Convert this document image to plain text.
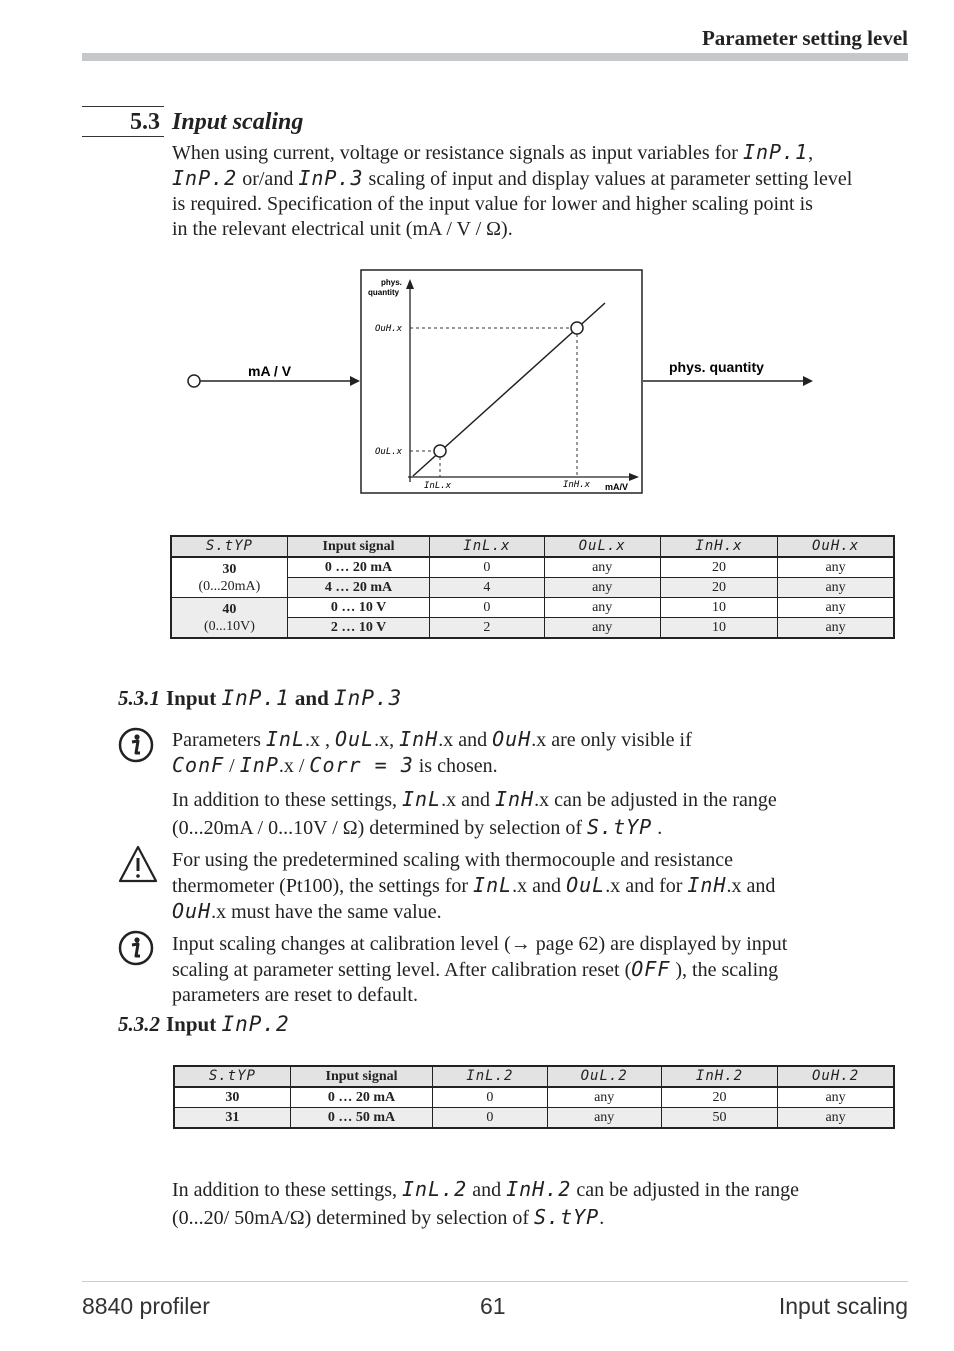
Parameter setting level
5.3 Input scaling
When using current, voltage or resistance signals as input variables for InP.1,
InP.2 or/and InP.3 scaling of input and display values at parameter setting level
is required. Specification of the input value for lower and higher scaling point is
in the relevant electrical unit (mA / V / Ω).
mA / V	phys. quantity
phys.
quantity
mA/V
OuH.x
OuL.x
InL.x	InH.x
S.tYP	Input signal	InL.x	OuL.x	InH.x	OuH.x
30
(0...20mA)	0 … 20 mA	0	any	20	any
	4 … 20 mA	4	any	20	any
40
(0...10V)	0 … 10 V	0	any	10	any
	2 … 10 V	2	any	10	any
5.3.1 Input InP.1 and InP.3
Parameters InL.x , OuL.x, InH.x and OuH.x are only visible if
ConF / InP.x / Corr = 3 is chosen.
In addition to these settings, InL.x and InH.x can be adjusted in the range
(0...20mA / 0...10V / Ω) determined by selection of S.tYP .
For using the predetermined scaling with thermocouple and resistance
thermometer (Pt100), the settings for InL.x and OuL.x and for InH.x and
OuH.x must have the same value.
Input scaling changes at calibration level (→ page 62) are displayed by input
scaling at parameter setting level. After calibration reset (OFF ), the scaling
parameters are reset to default.
5.3.2 Input InP.2
S.tYP	Input signal	InL.2	OuL.2	InH.2	OuH.2
30	0 … 20 mA	0	any	20	any
31	0 … 50 mA	0	any	50	any
In addition to these settings, InL.2 and InH.2 can be adjusted in the range
(0...20/ 50mA/Ω) determined by selection of S.tYP.
8840 profiler	61	Input scaling
